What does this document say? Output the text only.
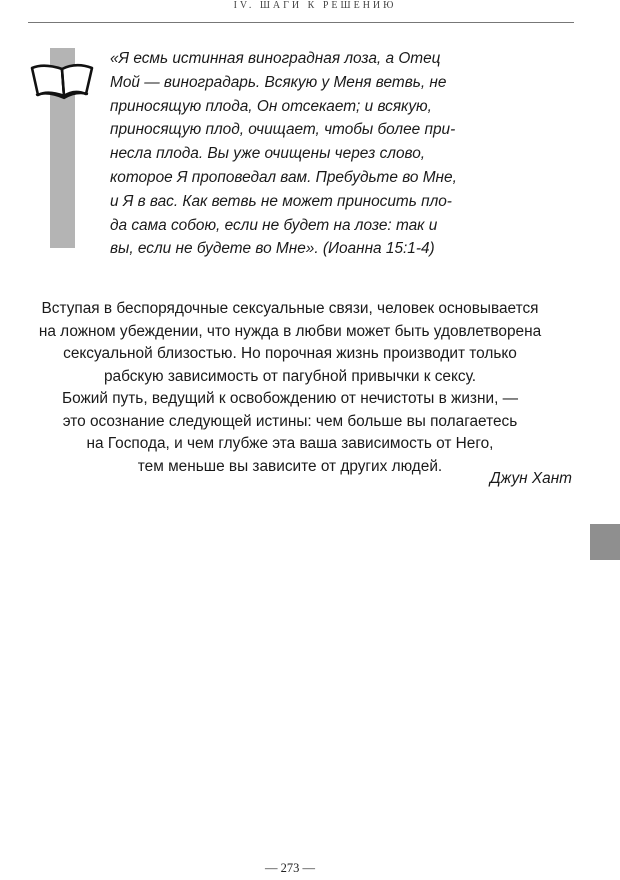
IV. ШАГИ К РЕШЕНИЮ
«Я есмь истинная виноградная лоза, а Отец
Мой — виноградарь. Всякую у Меня ветвь, не
приносящую плода, Он отсекает; и всякую,
приносящую плод, очищает, чтобы более при-
несла плода. Вы уже очищены через слово,
которое Я проповедал вам. Пребудьте во Мне,
и Я в вас. Как ветвь не может приносить пло-
да сама собою, если не будет на лозе: так и
вы, если не будете во Мне». (Иоанна 15:1-4)
Вступая в беспорядочные сексуальные связи, человек основывается
на ложном убеждении, что нужда в любви может быть удовлетворена
сексуальной близостью. Но порочная жизнь производит только
рабскую зависимость от пагубной привычки к сексу.
Божий путь, ведущий к освобождению от нечистоты в жизни, —
это осознание следующей истины: чем больше вы полагаетесь
на Господа, и чем глубже эта ваша зависимость от Него,
тем меньше вы зависите от других людей.
Джун Хант
— 273 —
